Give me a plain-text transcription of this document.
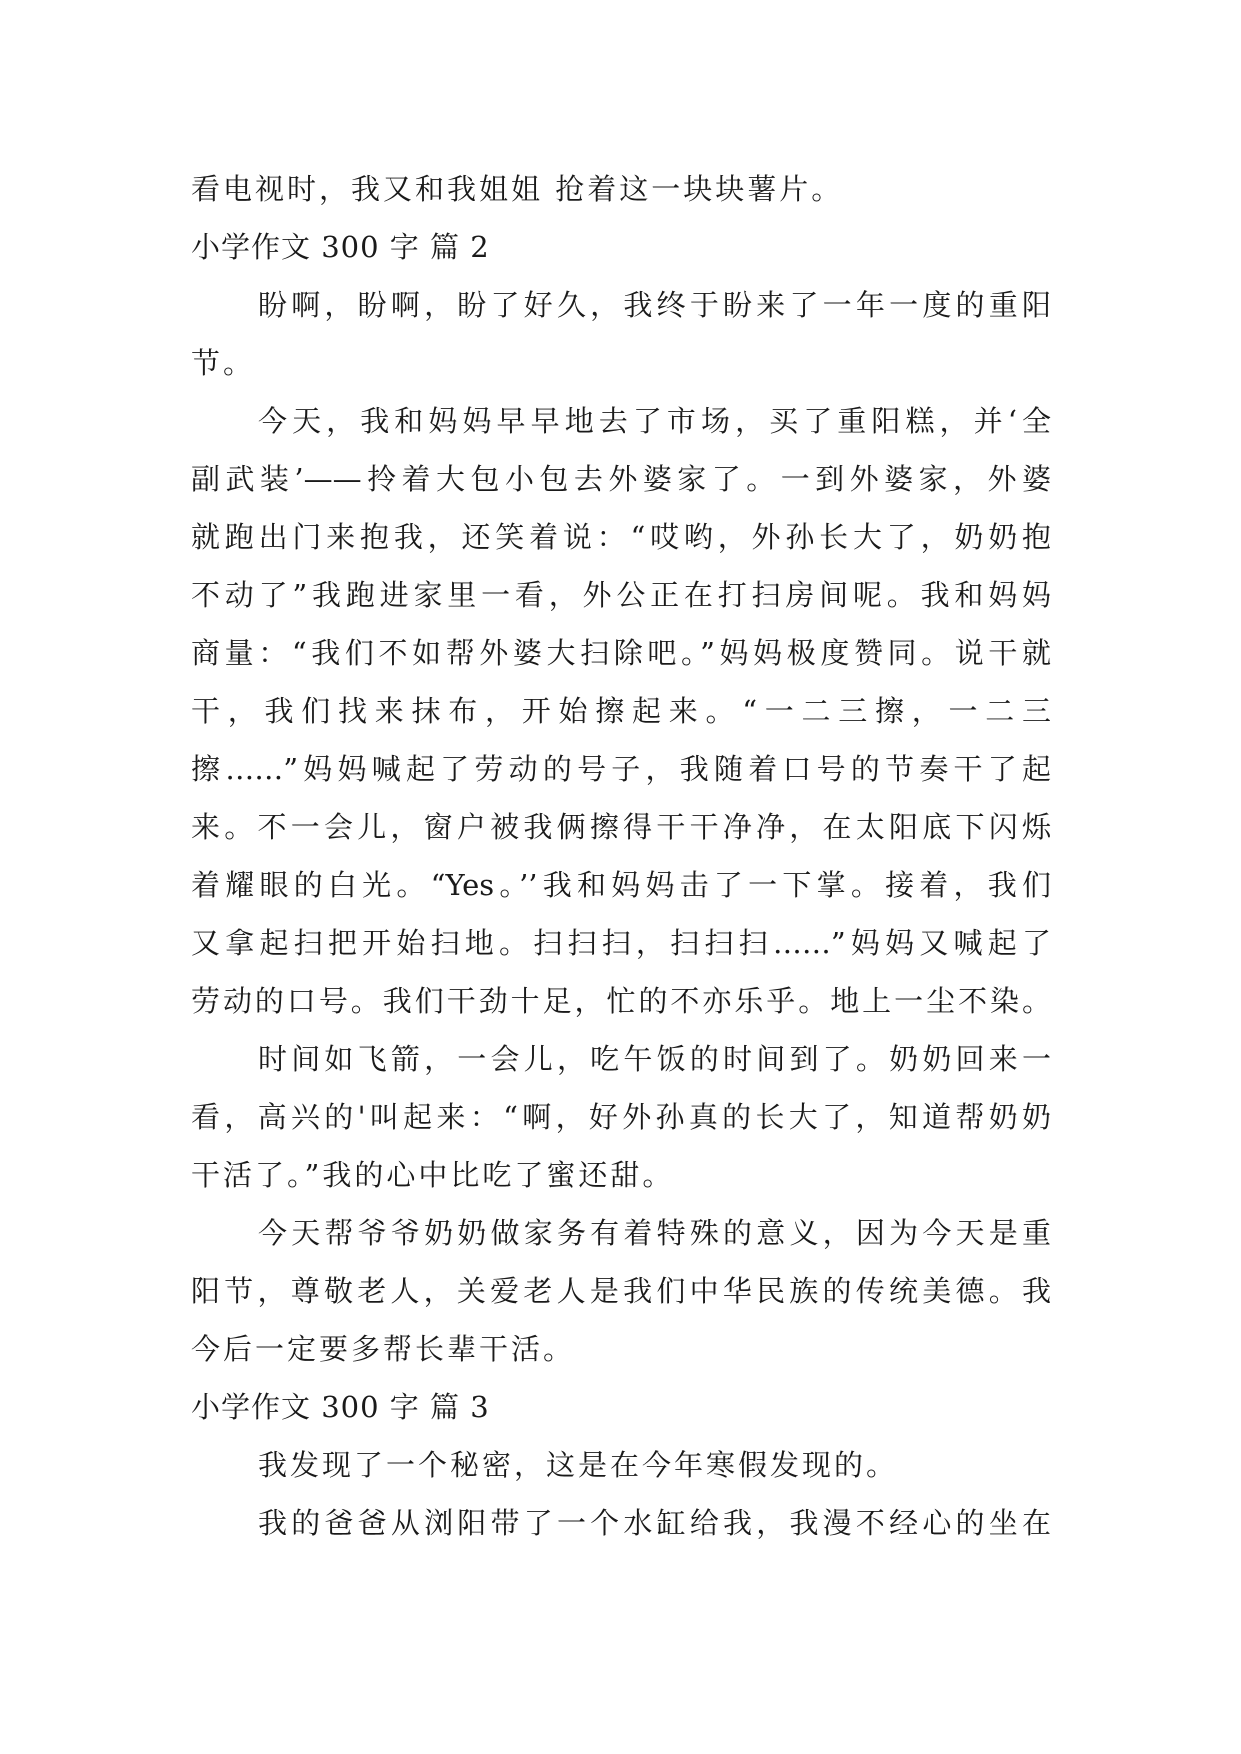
看电视时，我又和我姐姐 抢着这一块块薯片。
小学作文 300 字 篇 2
盼啊，盼啊，盼了好久，我终于盼来了一年一度的重阳
节。
今天，我和妈妈早早地去了市场，买了重阳糕，并‘全
副武装’——拎着大包小包去外婆家了。一到外婆家，外婆
就跑出门来抱我，还笑着说：“哎哟，外孙长大了，奶奶抱
不动了”我跑进家里一看，外公正在打扫房间呢。我和妈妈
商量：“我们不如帮外婆大扫除吧。”妈妈极度赞同。说干就
干，我们找来抹布，开始擦起来。“一二三擦，一二三
擦……”妈妈喊起了劳动的号子，我随着口号的节奏干了起
来。不一会儿，窗户被我俩擦得干干净净，在太阳底下闪烁
着耀眼的白光。“Yes。’’我和妈妈击了一下掌。接着，我们
又拿起扫把开始扫地。扫扫扫，扫扫扫……”妈妈又喊起了
劳动的口号。我们干劲十足，忙的不亦乐乎。地上一尘不染。
时间如飞箭，一会儿，吃午饭的时间到了。奶奶回来一
看，高兴的'叫起来：“啊，好外孙真的长大了，知道帮奶奶
干活了。”我的心中比吃了蜜还甜。
今天帮爷爷奶奶做家务有着特殊的意义，因为今天是重
阳节，尊敬老人，关爱老人是我们中华民族的传统美德。我
今后一定要多帮长辈干活。
小学作文 300 字 篇 3
我发现了一个秘密，这是在今年寒假发现的。
我的爸爸从浏阳带了一个水缸给我，我漫不经心的坐在
